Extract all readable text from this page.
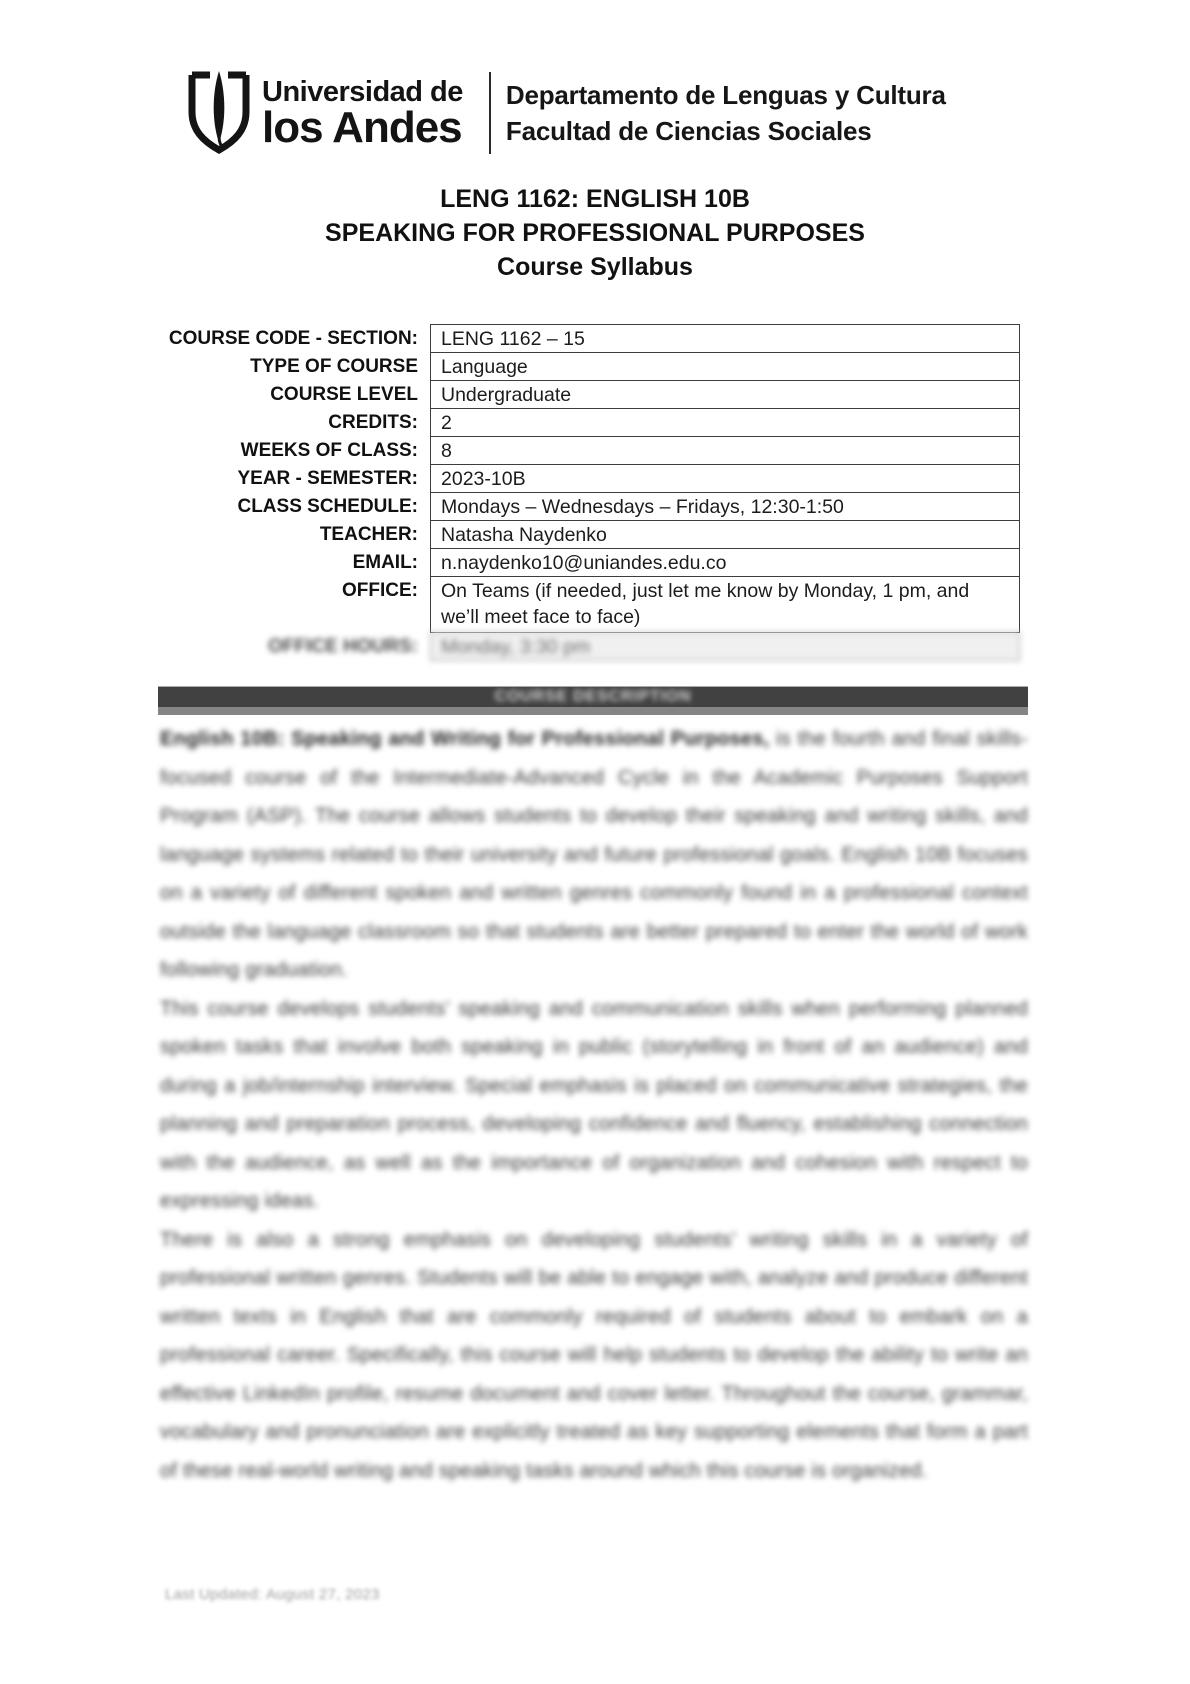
Universidad de
los Andes
Departamento de Lenguas y Cultura
Facultad de Ciencias Sociales
LENG 1162: ENGLISH 10B
SPEAKING FOR PROFESSIONAL PURPOSES
Course Syllabus
COURSE CODE - SECTION:	LENG 1162 – 15
TYPE OF COURSE	Language
COURSE LEVEL	Undergraduate
CREDITS:	2
WEEKS OF CLASS:	8
YEAR - SEMESTER:	2023-10B
CLASS SCHEDULE:	Mondays – Wednesdays – Fridays, 12:30-1:50
TEACHER:	Natasha Naydenko
EMAIL:	n.naydenko10@uniandes.edu.co
OFFICE:	On Teams (if needed, just let me know by Monday, 1 pm, and we’ll meet face to face)
OFFICE HOURS:	Monday, 3:30 pm
COURSE DESCRIPTION

English 10B: Speaking and Writing for Professional Purposes, is the fourth and final skills-focused course of the Intermediate-Advanced Cycle in the Academic Purposes Support Program (ASP). The course allows students to develop their speaking and writing skills, and language systems related to their university and future professional goals. English 10B focuses on a variety of different spoken and written genres commonly found in a professional context outside the language classroom so that students are better prepared to enter the world of work following graduation.

This course develops students’ speaking and communication skills when performing planned spoken tasks that involve both speaking in public (storytelling in front of an audience) and during a job/internship interview. Special emphasis is placed on communicative strategies, the planning and preparation process, developing confidence and fluency, establishing connection with the audience, as well as the importance of organization and cohesion with respect to expressing ideas.

There is also a strong emphasis on developing students’ writing skills in a variety of professional written genres. Students will be able to engage with, analyze and produce different written texts in English that are commonly required of students about to embark on a professional career. Specifically, this course will help students to develop the ability to write an effective LinkedIn profile, resume document and cover letter. Throughout the course, grammar, vocabulary and pronunciation are explicitly treated as key supporting elements that form a part of these real-world writing and speaking tasks around which this course is organized.

Last Updated: August 27, 2023
